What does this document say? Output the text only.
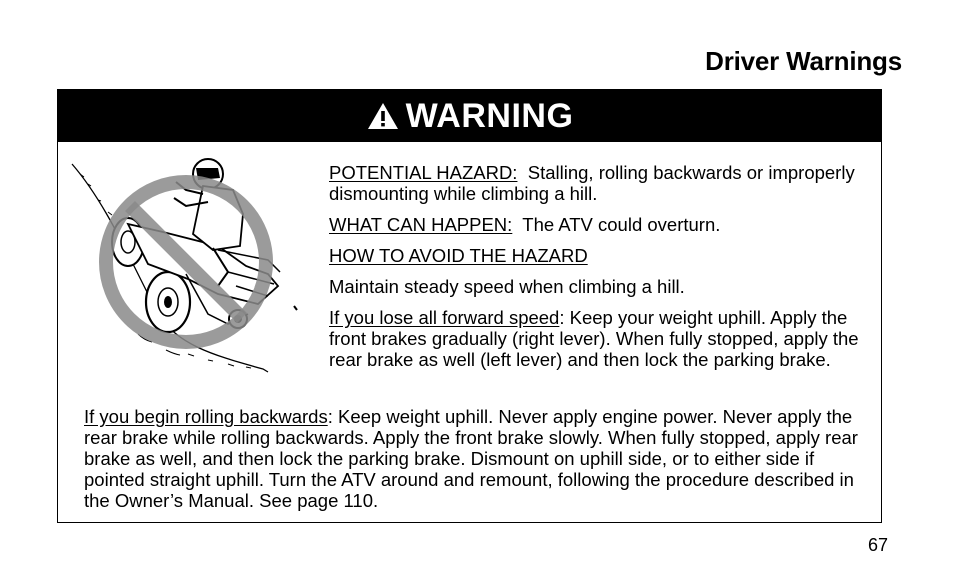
Driver Warnings
WARNING

POTENTIAL HAZARD: Stalling, rolling backwards or improperly dismounting while climbing a hill.

WHAT CAN HAPPEN: The ATV could overturn.

HOW TO AVOID THE HAZARD

Maintain steady speed when climbing a hill.

If you lose all forward speed: Keep your weight uphill. Apply the front brakes gradually (right lever). When fully stopped, apply the rear brake as well (left lever) and then lock the parking brake.

If you begin rolling backwards: Keep weight uphill. Never apply engine power. Never apply the rear brake while rolling backwards. Apply the front brake slowly. When fully stopped, apply rear brake as well, and then lock the parking brake. Dismount on uphill side, or to either side if pointed straight uphill. Turn the ATV around and remount, following the procedure described in the Owner’s Manual. See page 110.

67
